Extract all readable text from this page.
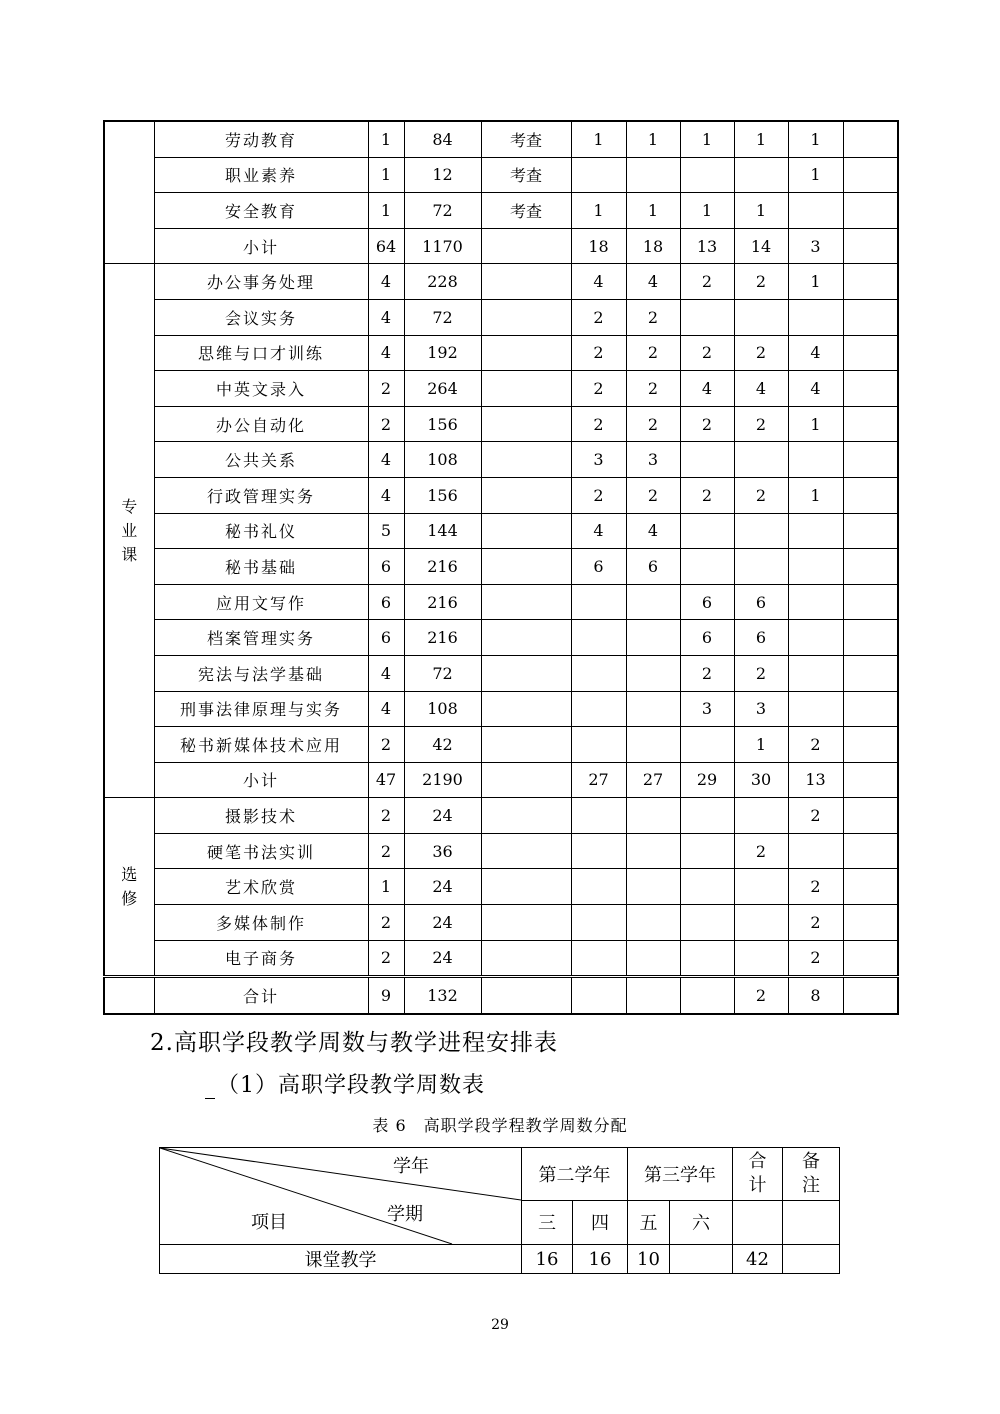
	劳动教育	1	84	考查	1	1	1	1	1	
	职业素养	1	12	考查					1	
	安全教育	1	72	考查	1	1	1	1		
	小计	64	1170		18	18	13	14	3	
专业课	办公事务处理	4	228		4	4	2	2	1	
	会议实务	4	72		2	2				
	思维与口才训练	4	192		2	2	2	2	4	
	中英文录入	2	264		2	2	4	4	4	
	办公自动化	2	156		2	2	2	2	1	
	公共关系	4	108		3	3				
	行政管理实务	4	156		2	2	2	2	1	
	秘书礼仪	5	144		4	4				
	秘书基础	6	216		6	6				
	应用文写作	6	216				6	6		
	档案管理实务	6	216				6	6		
	宪法与法学基础	4	72				2	2		
	刑事法律原理与实务	4	108				3	3		
	秘书新媒体技术应用	2	42					1	2	
	小计	47	2190		27	27	29	30	13	
选修	摄影技术	2	24						2	
	硬笔书法实训	2	36					2		
	艺术欣赏	1	24						2	
	多媒体制作	2	24						2	
	电子商务	2	24						2	
	合计	9	132					2	8	
2.高职学段教学周数与教学进程安排表
（1）高职学段教学周数表
表 6　高职学段学程教学周数分配
学年
学期
项目	第二学年		第三学年		合计	备注

	三	四	五	六		
课堂教学	16	16	10		42	
29
